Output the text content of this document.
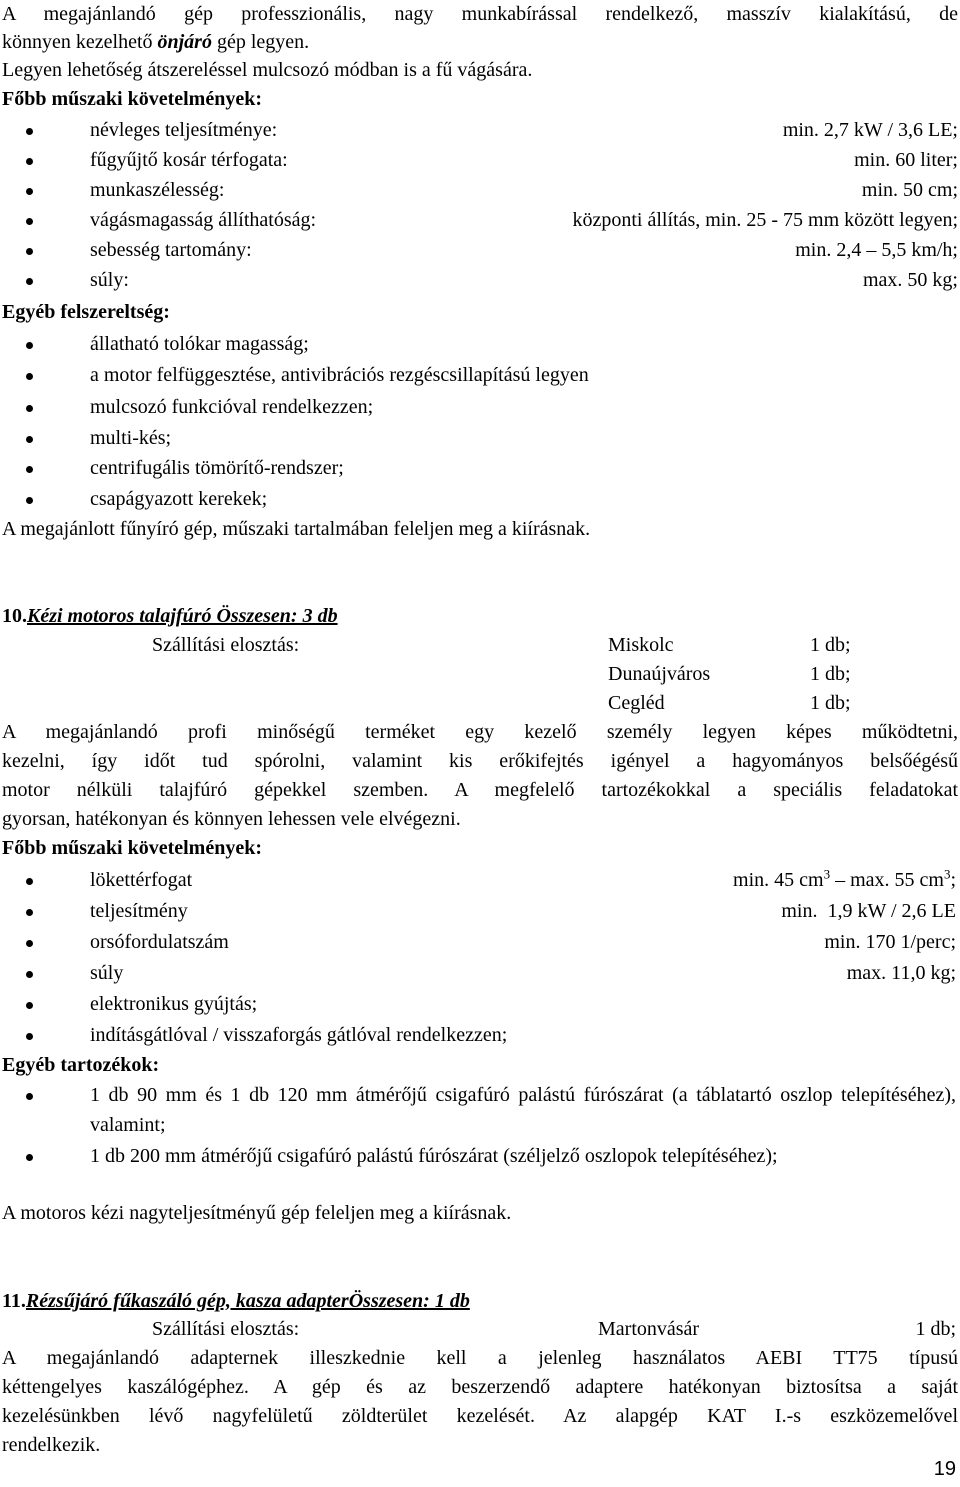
A megajánlandó gép professzionális, nagy munkabírással rendelkező, masszív kialakítású, de
könnyen kezelhető önjáró gép legyen.
Legyen lehetőség átszereléssel mulcsozó módban is a fű vágására.
Főbb műszaki követelmények:
névleges teljesítménye:	min. 2,7 kW / 3,6 LE;
fűgyűjtő kosár térfogata:	min. 60 liter;
munkaszélesség:	min. 50 cm;
vágásmagasság állíthatóság:	központi állítás, min. 25 - 75 mm között legyen;
sebesség tartomány:	min. 2,4 – 5,5 km/h;
súly:	max. 50 kg;
Egyéb felszereltség:
állatható tolókar magasság;
a motor felfüggesztése, antivibrációs rezgéscsillapítású legyen
mulcsozó funkcióval rendelkezzen;
multi-kés;
centrifugális tömörítő-rendszer;
csapágyazott kerekek;
A megajánlott fűnyíró gép, műszaki tartalmában feleljen meg a kiírásnak.
10.Kézi motoros talajfúró Összesen: 3 db
Szállítási elosztás:	Miskolc	1 db;
Dunaújváros	1 db;
Cegléd	1 db;
A megajánlandó profi minőségű terméket egy kezelő személy legyen képes működtetni,
kezelni, így időt tud spórolni, valamint kis erőkifejtés igényel a hagyományos belsőégésű
motor nélküli talajfúró gépekkel szemben. A megfelelő tartozékokkal a speciális feladatokat
gyorsan, hatékonyan és könnyen lehessen vele elvégezni.
Főbb műszaki követelmények:
lökettérfogat	min. 45 $cm^3$ – max. 55 $cm^3$;
teljesítmény	min.  1,9 kW / 2,6 LE
orsófordulatszám	min. 170 1/perc;
súly	max. 11,0 kg;
elektronikus gyújtás;
indításgátlóval / visszaforgás gátlóval rendelkezzen;
Egyéb tartozékok:
1 db 90 mm és 1 db 120 mm átmérőjű csigafúró palástú fúrószárat (a táblatartó oszlop telepítéséhez), valamint;
1 db 200 mm átmérőjű csigafúró palástú fúrószárat (széljelző oszlopok telepítéséhez);
A motoros kézi nagyteljesítményű gép feleljen meg a kiírásnak.
11.Rézsűjáró fűkaszáló gép, kasza adapterÖsszesen: 1 db
Szállítási elosztás:	Martonvásár	1 db;
A megajánlandó adapternek illeszkednie kell a jelenleg használatos AEBI TT75 típusú
kéttengelyes kaszálógéphez. A gép és az beszerzendő adaptere hatékonyan biztosítsa a saját
kezelésünkben lévő nagyfelületű zöldterület kezelését. Az alapgép KAT I.-s eszközemelővel
rendelkezik.
19
